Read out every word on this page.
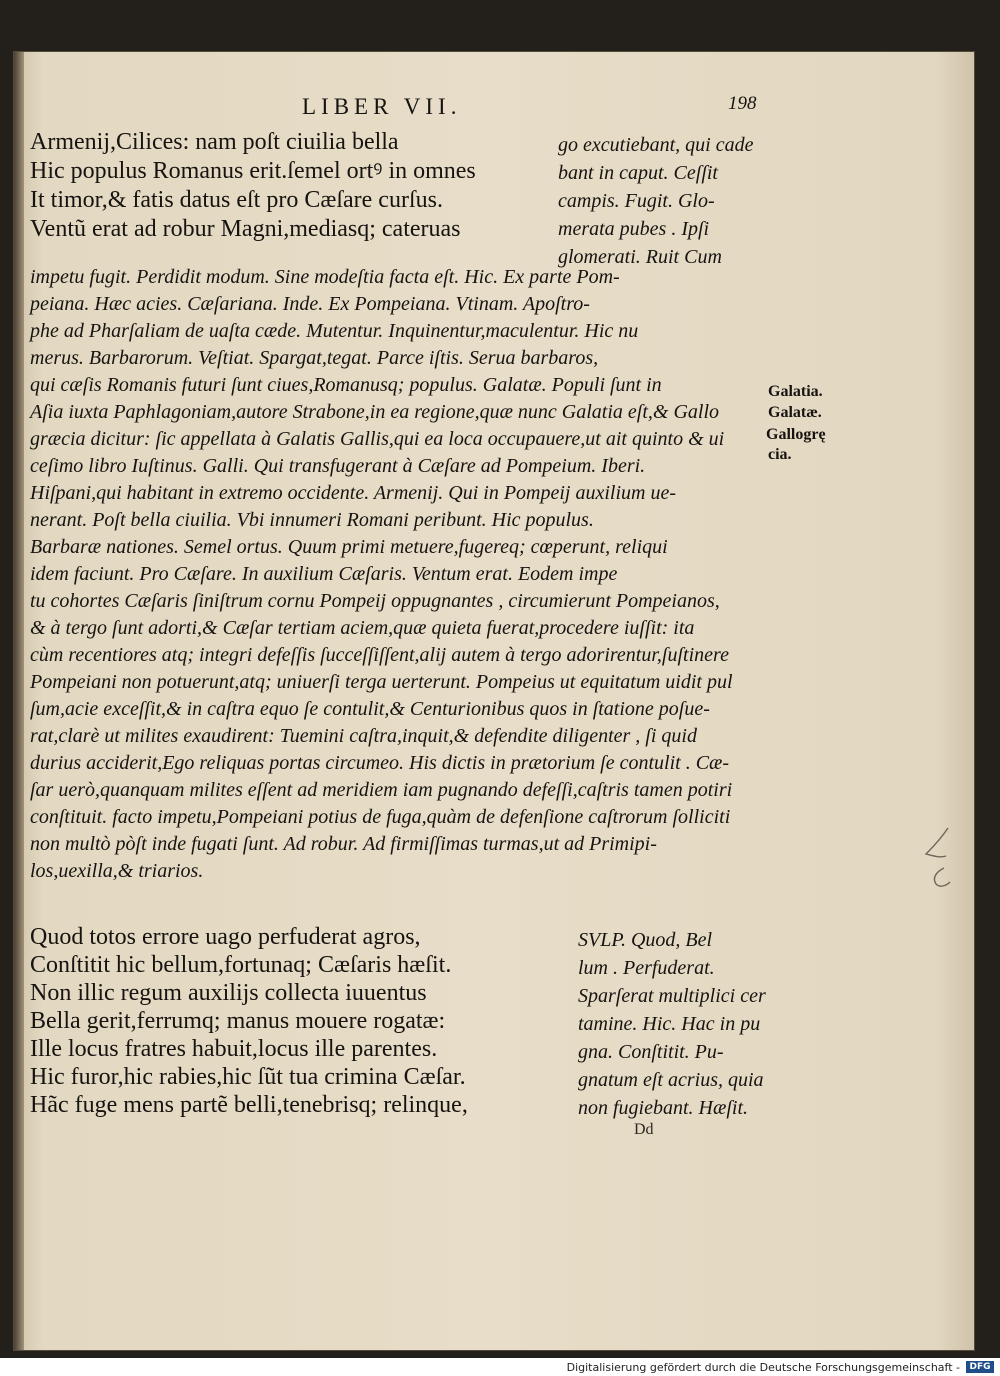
LIBER VII.	198
Armenij,Cilices: nam poſt ciuilia bella
Hic populus Romanus erit.ſemel ortꝰ in omnes
It timor,& fatis datus eſt pro Cæſare curſus.
Ventũ erat ad robur Magni,mediasq; cateruas
go excutiebant, qui cade
bant in caput. Ceſſit
campis. Fugit. Glo-
merata pubes . Ipſi
glomerati. Ruit Cum
impetu fugit. Perdidit modum. Sine modeſtia facta eſt. Hic. Ex parte Pom-
peiana. Hæc acies. Cæſariana. Inde. Ex Pompeiana. Vtinam. Apoſtro-
phe ad Pharſaliam de uaſta cæde. Mutentur. Inquinentur,maculentur. Hic nu
merus. Barbarorum. Veſtiat. Spargat,tegat. Parce iſtis. Serua barbaros,
qui cæſis Romanis futuri ſunt ciues,Romanusq; populus. Galatæ. Populi ſunt in
Aſia iuxta Paphlagoniam,autore Strabone,in ea regione,quæ nunc Galatia eſt,& Gallo
græcia dicitur: ſic appellata à Galatis Gallis,qui ea loca occupauere,ut ait quinto & ui
ceſimo libro Iuſtinus. Galli. Qui transfugerant à Cæſare ad Pompeium. Iberi.
Hiſpani,qui habitant in extremo occidente. Armenij. Qui in Pompeij auxilium ue-
nerant. Poſt bella ciuilia. Vbi innumeri Romani peribunt. Hic populus.
Barbaræ nationes. Semel ortus. Quum primi metuere,fugereq; cœperunt, reliqui
idem faciunt. Pro Cæſare. In auxilium Cæſaris. Ventum erat. Eodem impe
tu cohortes Cæſaris ſiniſtrum cornu Pompeij oppugnantes , circumierunt Pompeianos,
& à tergo ſunt adorti,& Cæſar tertiam aciem,quæ quieta fuerat,procedere iuſſit: ita
cùm recentiores atq; integri defeſſis ſucceſſiſſent,alij autem à tergo adorirentur,ſuſtinere
Pompeiani non potuerunt,atq; uniuerſi terga uerterunt. Pompeius ut equitatum uidit pul
ſum,acie exceſſit,& in caſtra equo ſe contulit,& Centurionibus quos in ſtatione poſue-
rat,clarè ut milites exaudirent: Tuemini caſtra,inquit,& defendite diligenter , ſi quid
durius acciderit,Ego reliquas portas circumeo. His dictis in prætorium ſe contulit . Cæ-
ſar uerò,quanquam milites eſſent ad meridiem iam pugnando defeſſi,caſtris tamen potiri
conſtituit. facto impetu,Pompeiani potius de fuga,quàm de defenſione caſtrorum ſolliciti
non multò pòſt inde fugati ſunt. Ad robur. Ad firmiſſimas turmas,ut ad Primipi-
los,uexilla,& triarios.
Galatia.
Galatæ.
Gallogrę
cia.
Quod totos errore uago perfuderat agros,
Conſtitit hic bellum,fortunaq; Cæſaris hæſit.
Non illic regum auxilijs collecta iuuentus
Bella gerit,ferrumq; manus mouere rogatæ:
Ille locus fratres habuit,locus ille parentes.
Hic furor,hic rabies,hic ſũt tua crimina Cæſar.
Hãc fuge mens partẽ belli,tenebrisq; relinque,
SVLP. Quod, Bel
lum . Perfuderat.
Sparſerat multiplici cer
tamine. Hic. Hac in pu
gna. Conſtitit. Pu-
gnatum eſt acrius, quia
non fugiebant. Hæſit.
Dd
Digitalisierung gefördert durch die Deutsche Forschungsgemeinschaft -	DFG
